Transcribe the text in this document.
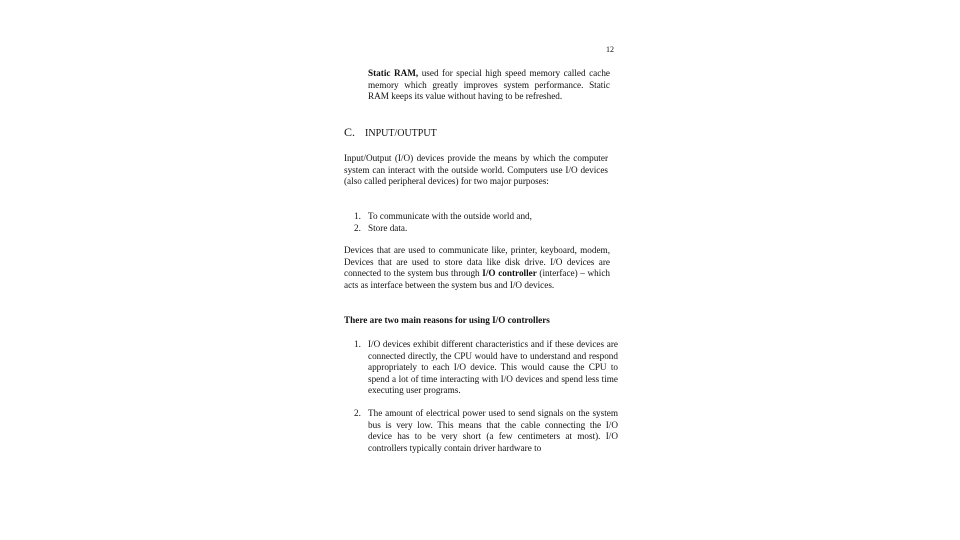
12
Static RAM, used for special high speed memory called cache memory which greatly improves system performance. Static RAM keeps its value without having to be refreshed.
C. INPUT/OUTPUT
Input/Output (I/O) devices provide the means by which the computer system can interact with the outside world. Computers use I/O devices (also called peripheral devices) for two major purposes:
1. To communicate with the outside world and,
2. Store data.
Devices that are used to communicate like, printer, keyboard, modem, Devices that are used to store data like disk drive. I/O devices are connected to the system bus through I/O controller (interface) – which acts as interface between the system bus and I/O devices.
There are two main reasons for using I/O controllers
1. I/O devices exhibit different characteristics and if these devices are connected directly, the CPU would have to understand and respond appropriately to each I/O device. This would cause the CPU to spend a lot of time interacting with I/O devices and spend less time executing user programs.
2. The amount of electrical power used to send signals on the system bus is very low. This means that the cable connecting the I/O device has to be very short (a few centimeters at most). I/O controllers typically contain driver hardware to
